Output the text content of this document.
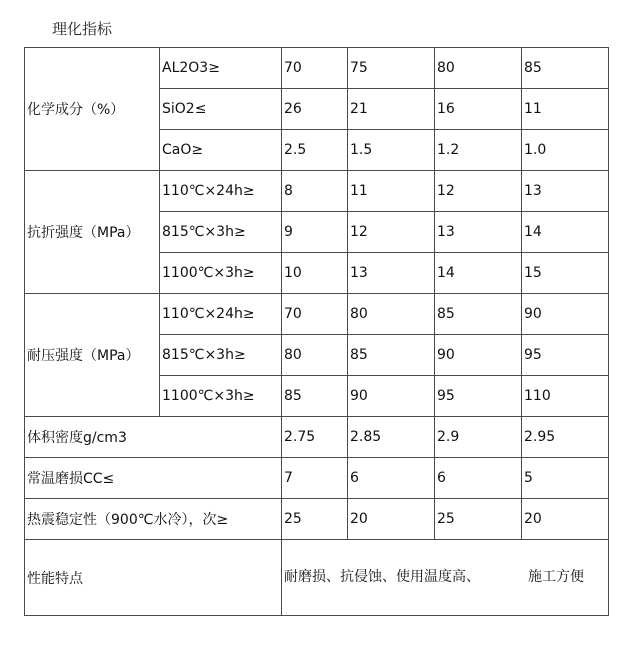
理化指标
化学成分（%）	AL2O3≥	70	75	80	85
	SiO2≤	26	21	16	11
	CaO≥	2.5	1.5	1.2	1.0
抗折强度（MPa）	110℃×24h≥	8	11	12	13
	815℃×3h≥	9	12	13	14
	1100℃×3h≥	10	13	14	15
耐压强度（MPa）	110℃×24h≥	70	80	85	90
	815℃×3h≥	80	85	90	95
	1100℃×3h≥	85	90	95	110
体积密度g/cm3		2.75	2.85	2.9	2.95
常温磨损CC≤		7	6	6	5
热震稳定性（900℃水冷），次≥		25	20	25	20
性能特点		耐磨损、抗侵蚀、使用温度高、 施工方便			
